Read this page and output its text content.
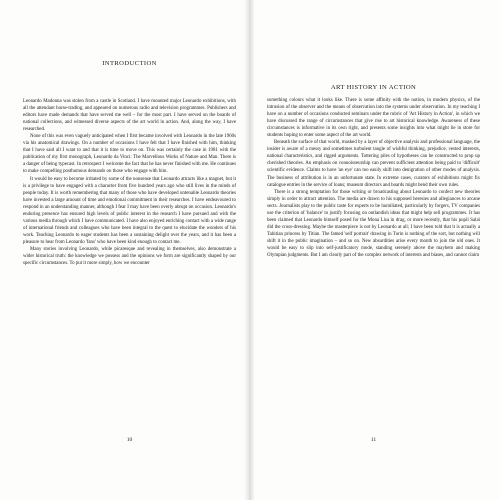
INTRODUCTION

Leonardo Madonna was stolen from a castle in Scotland. I have mounted major Leonardo exhibitions, with all the attendant horse-trading, and appeared on numerous radio and television programmes. Publishers and editors have made demands that have served me well – for the most part. I have served on the boards of national collections, and witnessed diverse aspects of the art world in action. And, along the way, I have researched.

None of this was even vaguely anticipated when I first became involved with Leonardo in the late 1960s via his anatomical drawings. On a number of occasions I have felt that I have finished with him, thinking that I have said all I want to and that it is time to move on. This was certainly the case in 1981 with the publication of my first monograph, Leonardo da Vinci: The Marvellous Works of Nature and Man. There is a danger of being typecast. In retrospect I welcome the fact that he has never finished with me. He continues to make compelling posthumous demands on those who engage with him.

It would be easy to become irritated by some of the nonsense that Leonardo attracts like a magnet, but it is a privilege to have engaged with a character from five hundred years ago who still lives in the minds of people today. It is worth remembering that many of those who have developed untenable Leonardo theories have invested a large amount of time and emotional commitment in their researches. I have endeavoured to respond in an understanding manner, although I fear I may have been overly abrupt on occasion. Leonardo's enduring presence has ensured high levels of public interest in the research I have pursued and with the various media through which I have communicated. I have also enjoyed enriching contact with a wide range of international friends and colleagues who have been integral to the quest to elucidate the wonders of his work. Teaching Leonardo to eager students has been a sustaining delight over the years, and it has been a pleasure to hear from Leonardo 'fans' who have been kind enough to contact me.

Many stories involving Leonardo, while picaresque and revealing in themselves, also demonstrate a wider historical truth: the knowledge we possess and the opinions we form are significantly shaped by our specific circumstances. To put it more simply, how we encounter

10
ART HISTORY IN ACTION

something colours what it looks like. There is some affinity with the notion, in modern physics, of the intrusion of the observer and the means of observation into the systems under observation. In my teaching I have on a number of occasions conducted seminars under the rubric of 'Art History in Action', in which we have discussed the range of circumstances that give rise to art historical knowledge. Awareness of these circumstances is informative in its own right, and presents some insights into what might lie in store for students hoping to enter some aspect of the art world.

Beneath the surface of that world, masked by a layer of objective analysis and professional language, the insider is aware of a messy and sometimes turbulent tangle of wishful thinking, prejudice, vested interests, national characteristics, and rigged arguments. Tottering piles of hypotheses can be constructed to prop up cherished theories. An emphasis on connoisseurship can prevent sufficient attention being paid to 'difficult' scientific evidence. Claims to have 'an eye' can too easily shift into denigration of other modes of analysis. The business of attribution is in an unfortunate state. In extreme cases, curators of exhibitions might fix catalogue entries in the service of loans; museum directors and boards might bend their own rules.

There is a strong temptation for those writing or broadcasting about Leonardo to confect new theories simply in order to attract attention. The media are drawn to his supposed heresies and allegiances to arcane sects. Journalists play to the public taste for experts to be humiliated, particularly by forgers, TV companies use the criterion of 'balance' to justify focusing on outlandish ideas that might help sell programmes. It has been claimed that Leonardo himself posed for the Mona Lisa in drag, or more recently, that his pupil Salaì did the cross-dressing. Maybe the masterpiece is not by Leonardo at all; I have been told that it is actually a Tahitian princess by Titian. The famed 'self portrait' drawing in Turin is nothing of the sort, but nothing will shift it in the public imagination – and so on. New absurdities arise every month to join the old ones. It would be easy to slip into self-justificatory mode, standing serenely above the mayhem and making Olympian judgments. But I am clearly part of the complex network of interests and biases, and cannot claim

11
